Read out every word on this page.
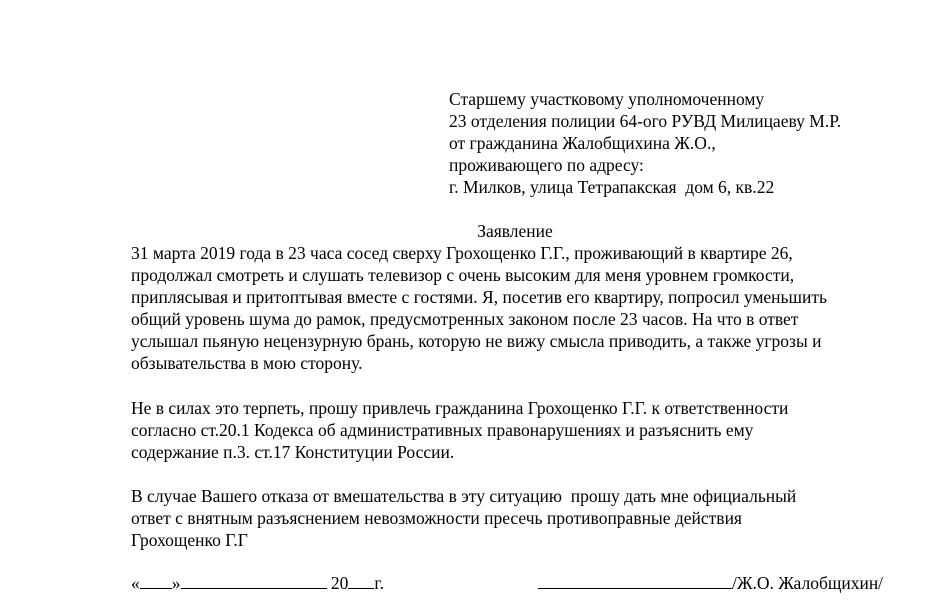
Старшему участковому уполномоченному
23 отделения полиции 64-ого РУВД Милицаеву М.Р.
от гражданина Жалобщихина Ж.О.,
проживающего по адресу:
г. Милков, улица Тетрапакская  дом 6, кв.22
Заявление
31 марта 2019 года в 23 часа сосед сверху Грохощенко Г.Г., проживающий в квартире 26,
продолжал смотреть и слушать телевизор с очень высоким для меня уровнем громкости,
приплясывая и притоптывая вместе с гостями. Я, посетив его квартиру, попросил уменьшить
общий уровень шума до рамок, предусмотренных законом после 23 часов. На что в ответ
услышал пьяную нецензурную брань, которую не вижу смысла приводить, а также угрозы и
обзывательства в мою сторону.
Не в силах это терпеть, прошу привлечь гражданина Грохощенко Г.Г. к ответственности
согласно ст.20.1 Кодекса об административных правонарушениях и разъяснить ему
содержание п.3. ст.17 Конституции России.
В случае Вашего отказа от вмешательства в эту ситуацию  прошу дать мне официальный
ответ с внятным разъяснением невозможности пресечь противоправные действия
Грохощенко Г.Г
« »	20 г.	/Ж.О. Жалобщихин/
